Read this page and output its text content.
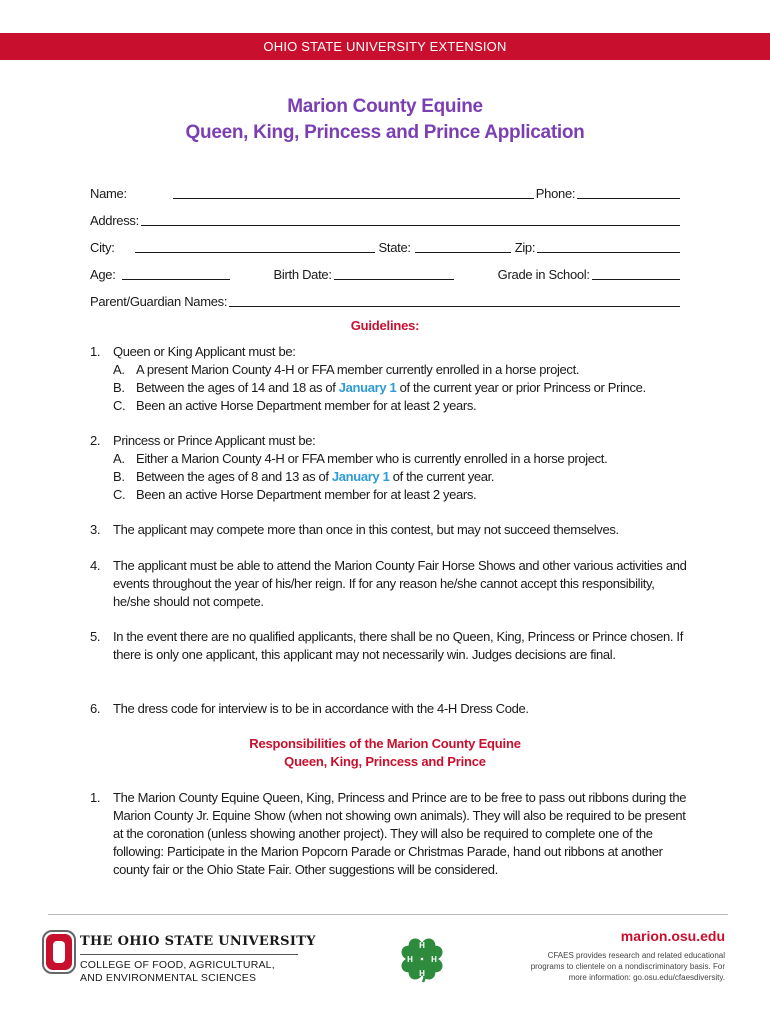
OHIO STATE UNIVERSITY EXTENSION
Marion County Equine
Queen, King, Princess and Prince Application
Name:	Phone:
Address:
City:	State:	Zip:
Age:	Birth Date:	Grade in School:
Parent/Guardian Names:
Guidelines:
1. Queen or King Applicant must be:
A. A present Marion County 4-H or FFA member currently enrolled in a horse project.
B. Between the ages of 14 and 18 as of January 1 of the current year or prior Princess or Prince.
C. Been an active Horse Department member for at least 2 years.
2. Princess or Prince Applicant must be:
A. Either a Marion County 4-H or FFA member who is currently enrolled in a horse project.
B. Between the ages of 8 and 13 as of January 1 of the current year.
C. Been an active Horse Department member for at least 2 years.
3. The applicant may compete more than once in this contest, but may not succeed themselves.
4. The applicant must be able to attend the Marion County Fair Horse Shows and other various activities and events throughout the year of his/her reign. If for any reason he/she cannot accept this responsibility, he/she should not compete.
5. In the event there are no qualified applicants, there shall be no Queen, King, Princess or Prince chosen. If there is only one applicant, this applicant may not necessarily win. Judges decisions are final.
6. The dress code for interview is to be in accordance with the 4-H Dress Code.
Responsibilities of the Marion County Equine
Queen, King, Princess and Prince
1. The Marion County Equine Queen, King, Princess and Prince are to be free to pass out ribbons during the Marion County Jr. Equine Show (when not showing own animals). They will also be required to be present at the coronation (unless showing another project). They will also be required to complete one of the following: Participate in the Marion Popcorn Parade or Christmas Parade, hand out ribbons at another county fair or the Ohio State Fair. Other suggestions will be considered.
THE OHIO STATE UNIVERSITY
COLLEGE OF FOOD, AGRICULTURAL,
AND ENVIRONMENTAL SCIENCES
H
H
H
H
marion.osu.edu
CFAES provides research and related educational
programs to clientele on a nondiscriminatory basis. For
more information: go.osu.edu/cfaesdiversity.
